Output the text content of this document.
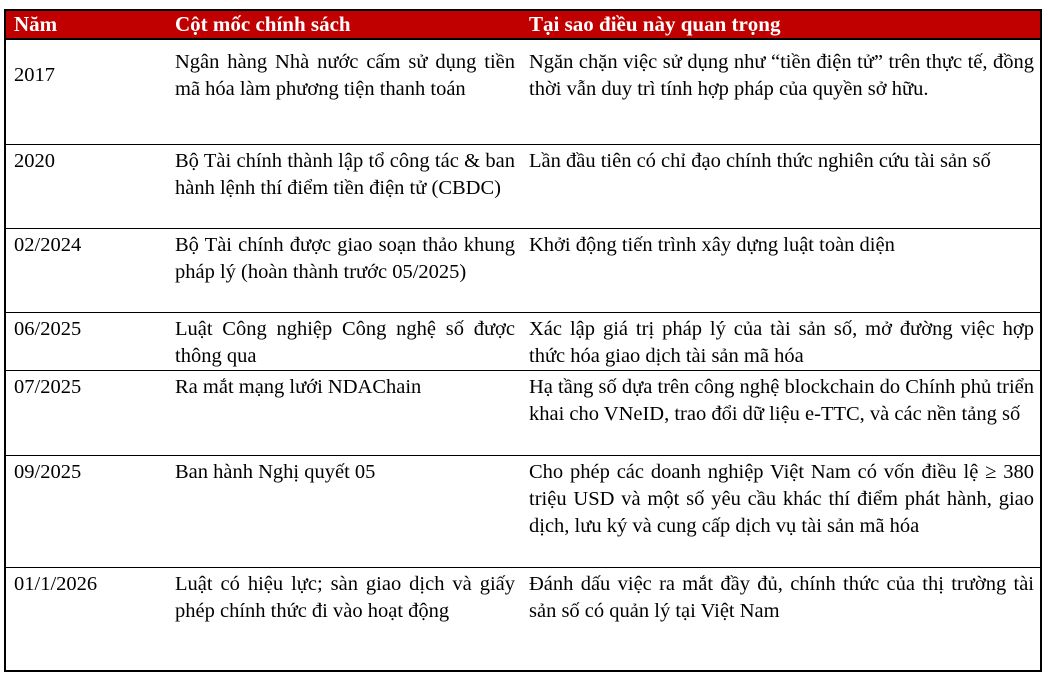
Năm	Cột mốc chính sách	Tại sao điều này quan trọng
2017	Ngân hàng Nhà nước cấm sử dụng tiền mã hóa làm phương tiện thanh toán	Ngăn chặn việc sử dụng như “tiền điện tử” trên thực tế, đồng thời vẫn duy trì tính hợp pháp của quyền sở hữu.
2020	Bộ Tài chính thành lập tổ công tác & ban hành lệnh thí điểm tiền điện tử (CBDC)	Lần đầu tiên có chỉ đạo chính thức nghiên cứu tài sản số
02/2024	Bộ Tài chính được giao soạn thảo khung pháp lý (hoàn thành trước 05/2025)	Khởi động tiến trình xây dựng luật toàn diện
06/2025	Luật Công nghiệp Công nghệ số được thông qua	Xác lập giá trị pháp lý của tài sản số, mở đường việc hợp thức hóa giao dịch tài sản mã hóa
07/2025	Ra mắt mạng lưới NDAChain	Hạ tầng số dựa trên công nghệ blockchain do Chính phủ triển khai cho VNeID, trao đổi dữ liệu e-TTC, và các nền tảng số
09/2025	Ban hành Nghị quyết 05	Cho phép các doanh nghiệp Việt Nam có vốn điều lệ ≥ 380 triệu USD và một số yêu cầu khác thí điểm phát hành, giao dịch, lưu ký và cung cấp dịch vụ tài sản mã hóa
01/1/2026	Luật có hiệu lực; sàn giao dịch và giấy phép chính thức đi vào hoạt động	Đánh dấu việc ra mắt đầy đủ, chính thức của thị trường tài sản số có quản lý tại Việt Nam
